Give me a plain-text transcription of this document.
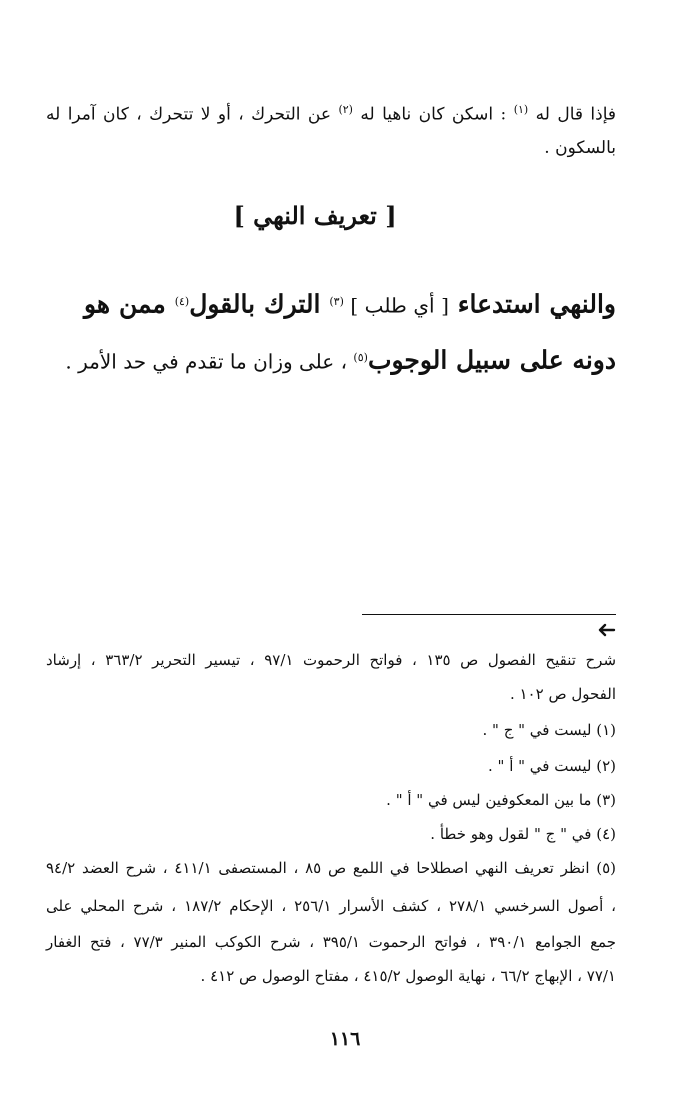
فإذا قال له $^{(١)}$ : اسكن كان ناهيا له $^{(٢)}$ عن التحرك ، أو لا تتحرك ، كان آمرا له
بالسكون .
[ تعريف النهي ]
والنهي استدعاء [ أي طلب ] $^{(٣)}$ الترك بالقول$^{(٤)}$ ممن هو
دونه على سبيل الوجوب$^{(٥)}$ ، على وزان ما تقدم في حد الأمر .
شرح تنقيح الفصول ص ١٣٥ ، فواتح الرحموت ٩٧/١ ، تيسير التحرير ٣٦٣/٢ ، إرشاد
الفحول ص ١٠٢ .
(١) ليست في " ج " .
(٢) ليست في " أ " .
(٣) ما بين المعكوفين ليس في " أ " .
(٤) في " ج " لقول وهو خطأ .
(٥) انظر تعريف النهي اصطلاحا في اللمع ص ٨٥ ، المستصفى ٤١١/١ ، شرح العضد ٩٤/٢
، أصول السرخسي ٢٧٨/١ ، كشف الأسرار ٢٥٦/١ ، الإحكام ١٨٧/٢ ، شرح المحلي على
جمع الجوامع ٣٩٠/١ ، فواتح الرحموت ٣٩٥/١ ، شرح الكوكب المنير ٧٧/٣ ، فتح الغفار
٧٧/١ ، الإبهاج ٦٦/٢ ، نهاية الوصول ٤١٥/٢ ، مفتاح الوصول ص ٤١٢ .
١١٦
